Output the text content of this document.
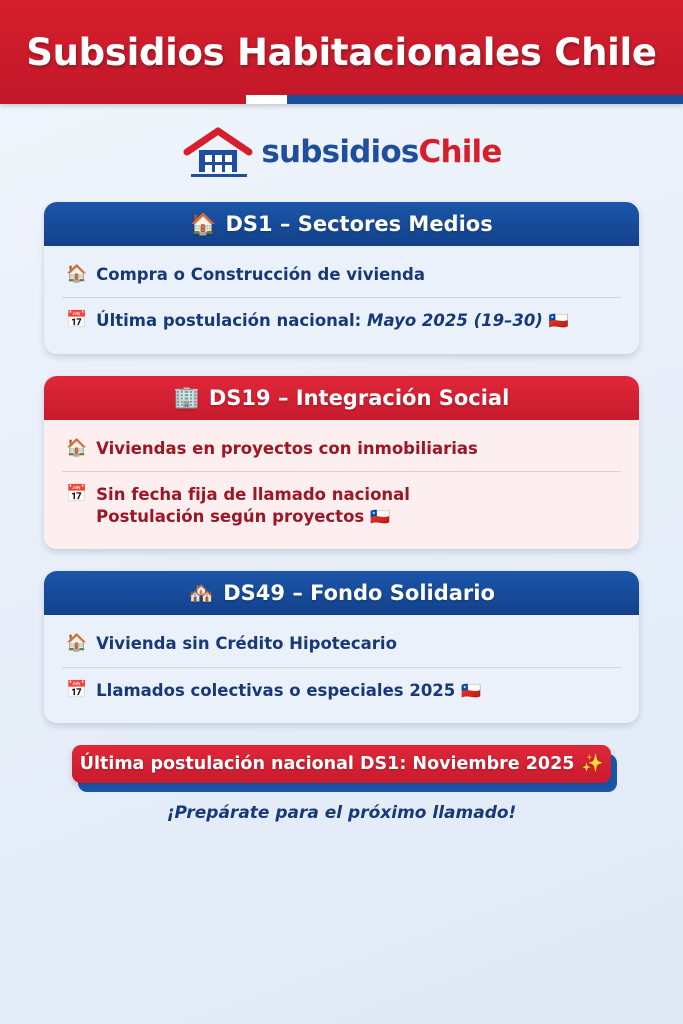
Subsidios Habitacionales Chile
subsidiosChile
🏠 DS1 – Sectores Medios
🏠 Compra o Construcción de vivienda
📅 Última postulación nacional: Mayo 2025 (19–30) 🇨🇱
🏢 DS19 – Integración Social
🏠 Viviendas en proyectos con inmobiliarias
📅 Sin fecha fija de llamado nacional
Postulación según proyectos 🇨🇱
🏘️ DS49 – Fondo Solidario
🏠 Vivienda sin Crédito Hipotecario
📅 Llamados colectivas o especiales 2025 🇨🇱
Última postulación nacional DS1: Noviembre 2025 ✨
¡Prepárate para el próximo llamado!
